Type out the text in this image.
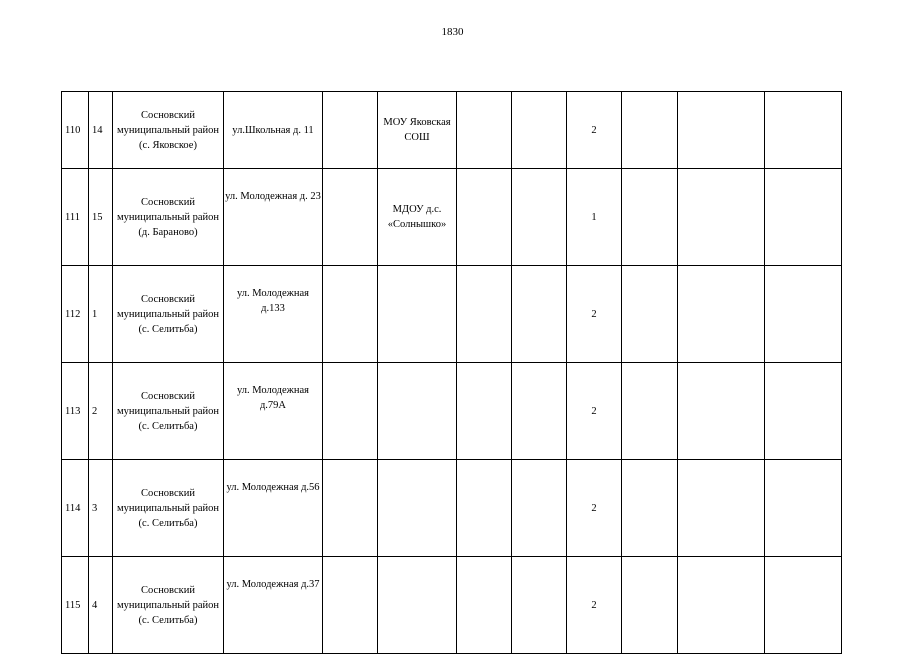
1830
110	14	Сосновский муниципальный район (с. Яковское)	ул.Школьная д. 11		МОУ Яковская СОШ			2			
111	15	Сосновский муниципальный район (д. Бараново)	ул. Молодежная д. 23		МДОУ д.с. «Солнышко»			1			
112	1	Сосновский муниципальный район (с. Селитьба)	ул. Молодежная д.133					2			
113	2	Сосновский муниципальный район (с. Селитьба)	ул. Молодежная д.79А					2			
114	3	Сосновский муниципальный район (с. Селитьба)	ул. Молодежная д.56					2			
115	4	Сосновский муниципальный район (с. Селитьба)	ул. Молодежная д.37					2			
